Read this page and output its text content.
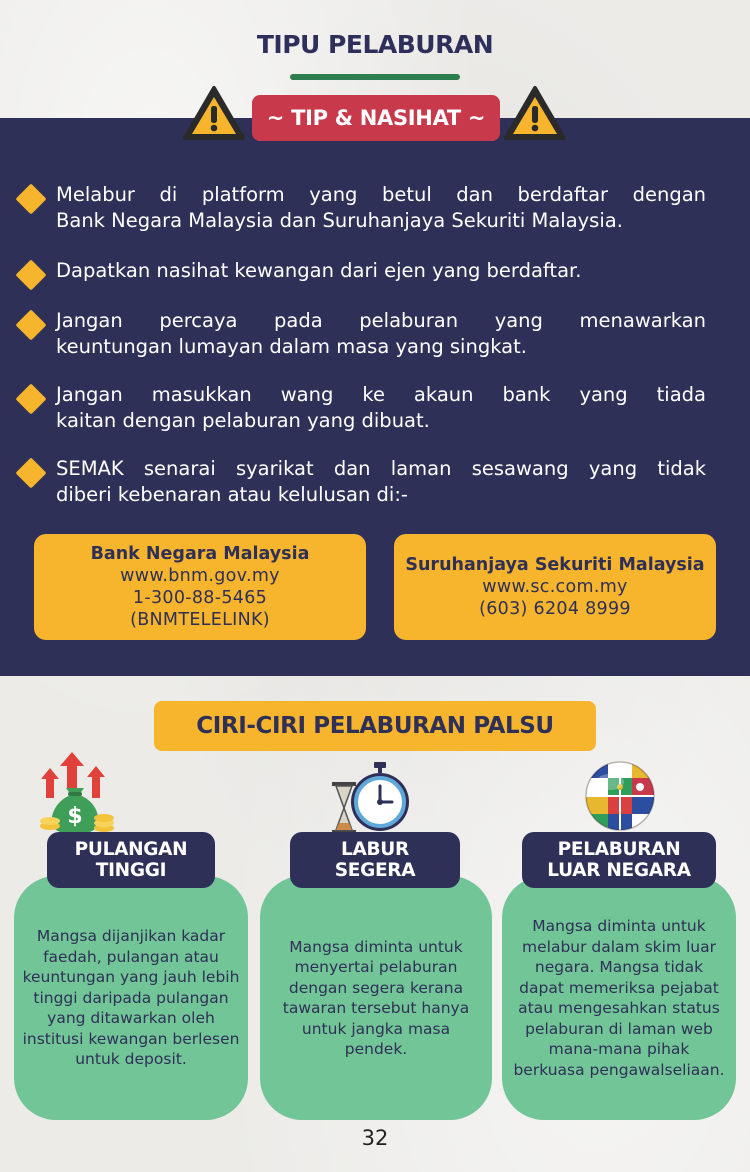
TIPU PELABURAN
~ TIP & NASIHAT ~
Melabur di platform yang betul dan berdaftar dengan
Bank Negara Malaysia dan Suruhanjaya Sekuriti Malaysia.
Dapatkan nasihat kewangan dari ejen yang berdaftar.
Jangan percaya pada pelaburan yang menawarkan
keuntungan lumayan dalam masa yang singkat.
Jangan masukkan wang ke akaun bank yang tiada
kaitan dengan pelaburan yang dibuat.
SEMAK senarai syarikat dan laman sesawang yang tidak
diberi kebenaran atau kelulusan di:-
Bank Negara Malaysia
www.bnm.gov.my
1-300-88-5465
(BNMTELELINK)
Suruhanjaya Sekuriti Malaysia
www.sc.com.my
(603) 6204 8999
CIRI-CIRI PELABURAN PALSU
$

Mangsa dijanjikan kadar faedah, pulangan atau keuntungan yang jauh lebih tinggi daripada pulangan yang ditawarkan oleh institusi kewangan berlesen untuk deposit.

Mangsa diminta untuk menyertai pelaburan dengan segera kerana tawaran tersebut hanya untuk jangka masa pendek.

Mangsa diminta untuk melabur dalam skim luar negara. Mangsa tidak dapat memeriksa pejabat atau mengesahkan status pelaburan di laman web mana-mana pihak berkuasa pengawalseliaan.

PULANGAN
TINGGI
LABUR
SEGERA
PELABURAN
LUAR NEGARA
32
